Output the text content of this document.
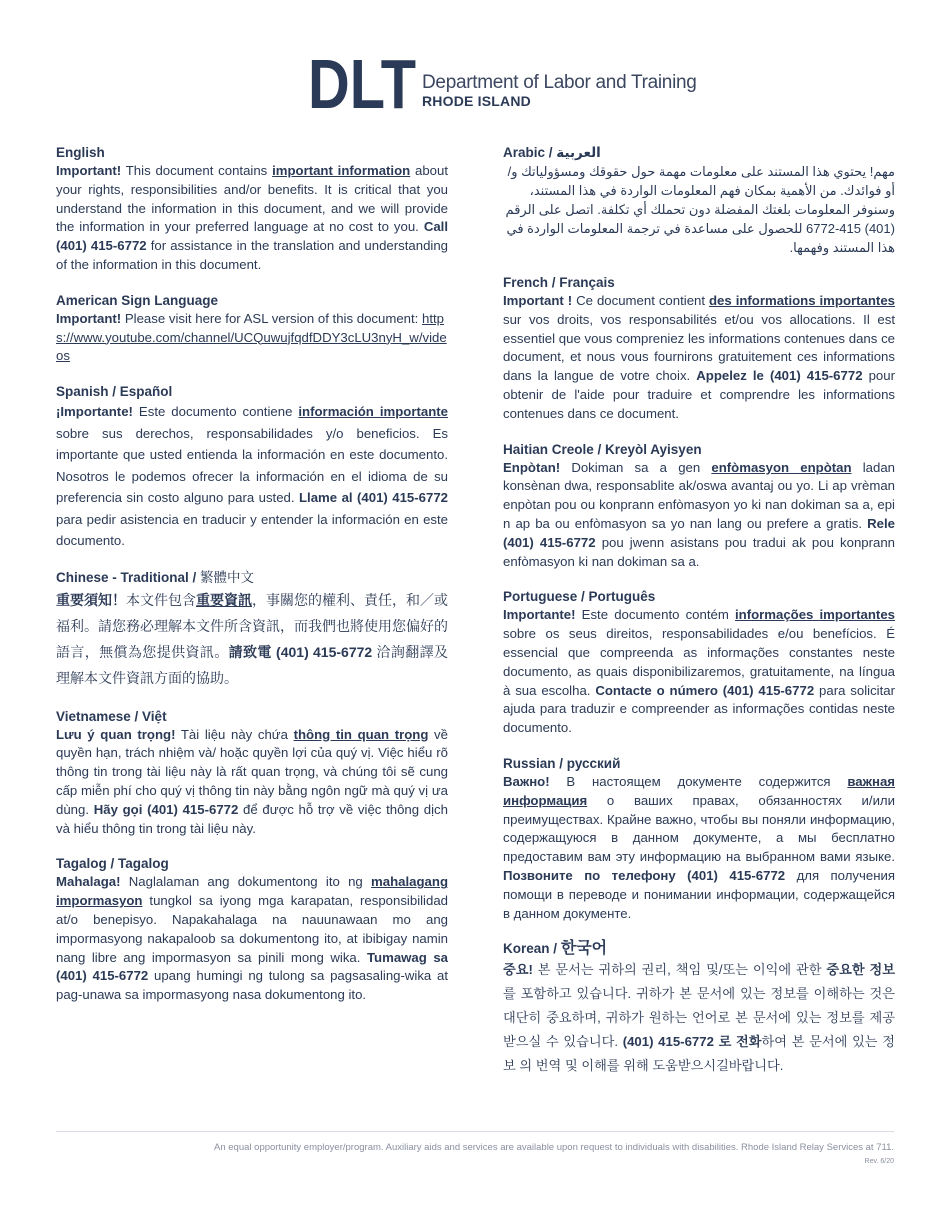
DLT Department of Labor and Training
RHODE ISLAND
English

Important! This document contains important information about your rights, responsibilities and/or benefits. It is critical that you understand the information in this document, and we will provide the information in your preferred language at no cost to you. Call (401) 415-6772 for assistance in the translation and understanding of the information in this document.

American Sign Language

Important! Please visit here for ASL version of this document: https://www.youtube.com/channel/UCQuwujfqdfDDY3cLU3nyH_w/videos

Spanish / Español

¡Importante! Este documento contiene información importante sobre sus derechos, responsabilidades y/o beneficios. Es importante que usted entienda la información en este documento. Nosotros le podemos ofrecer la información en el idioma de su preferencia sin costo alguno para usted. Llame al (401) 415-6772 para pedir asistencia en traducir y entender la información en este documento.

Chinese - Traditional / 繁體中文

重要須知！本文件包含重要資訊，事關您的權利、責任，和／或福利。請您務必理解本文件所含資訊，而我們也將使用您偏好的語言，無償為您提供資訊。請致電 (401) 415-6772 洽詢翻譯及理解本文件資訊方面的協助。

Vietnamese / Việt

Lưu ý quan trọng! Tài liệu này chứa thông tin quan trọng về quyền hạn, trách nhiệm và/ hoặc quyền lợi của quý vị. Việc hiểu rõ thông tin trong tài liệu này là rất quan trọng, và chúng tôi sẽ cung cấp miễn phí cho quý vị thông tin này bằng ngôn ngữ mà quý vị ưa dùng. Hãy gọi (401) 415-6772 để được hỗ trợ về việc thông dịch và hiểu thông tin trong tài liệu này.

Tagalog / Tagalog

Mahalaga! Naglalaman ang dokumentong ito ng mahalagang impormasyon tungkol sa iyong mga karapatan, responsibilidad at/o benepisyo. Napakahalaga na nauunawaan mo ang impormasyong nakapaloob sa dokumentong ito, at ibibigay namin nang libre ang impormasyon sa pinili mong wika. Tumawag sa (401) 415-6772 upang humingi ng tulong sa pagsasaling-wika at pag-unawa sa impormasyong nasa dokumentong ito.

Arabic / العربية

مهم! يحتوي هذا المستند على معلومات مهمة حول حقوقك ومسؤولياتك و/أو فوائدك. من الأهمية بمكان فهم المعلومات الواردة في هذا المستند، وسنوفر المعلومات بلغتك المفضلة دون تحملك أي تكلفة. اتصل على الرقم (401) 415-6772 للحصول على مساعدة في ترجمة المعلومات الواردة في هذا المستند وفهمها.

French / Français

Important ! Ce document contient des informations importantes sur vos droits, vos responsabilités et/ou vos allocations. Il est essentiel que vous compreniez les informations contenues dans ce document, et nous vous fournirons gratuitement ces informations dans la langue de votre choix. Appelez le (401) 415-6772 pour obtenir de l'aide pour traduire et comprendre les informations contenues dans ce document.

Haitian Creole / Kreyòl Ayisyen

Enpòtan! Dokiman sa a gen enfòmasyon enpòtan ladan konsènan dwa, responsablite ak/oswa avantaj ou yo. Li ap vrèman enpòtan pou ou konprann enfòmasyon yo ki nan dokiman sa a, epi n ap ba ou enfòmasyon sa yo nan lang ou prefere a gratis. Rele (401) 415-6772 pou jwenn asistans pou tradui ak pou konprann enfòmasyon ki nan dokiman sa a.

Portuguese / Português

Importante! Este documento contém informações importantes sobre os seus direitos, responsabilidades e/ou benefícios. É essencial que compreenda as informações constantes neste documento, as quais disponibilizaremos, gratuitamente, na língua à sua escolha. Contacte o número (401) 415-6772 para solicitar ajuda para traduzir e compreender as informações contidas neste documento.

Russian / русский

Важно! В настоящем документе содержится важная информация о ваших правах, обязанностях и/или преимуществах. Крайне важно, чтобы вы поняли информацию, содержащуюся в данном документе, а мы бесплатно предоставим вам эту информацию на выбранном вами языке. Позвоните по телефону (401) 415-6772 для получения помощи в переводе и понимании информации, содержащейся в данном документе.

Korean / 한국어

중요! 본 문서는 귀하의 권리, 책임 및/또는 이익에 관한 중요한 정보를 포함하고 있습니다. 귀하가 본 문서에 있는 정보를 이해하는 것은 대단히 중요하며, 귀하가 원하는 언어로 본 문서에 있는 정보를 제공받으실 수 있습니다. (401) 415-6772 로 전화하여 본 문서에 있는 정보 의 번역 및 이해를 위해 도움받으시길바랍니다.

An equal opportunity employer/program. Auxiliary aids and services are available upon request to individuals with disabilities. Rhode Island Relay Services at 711.
Rev. 6/20
